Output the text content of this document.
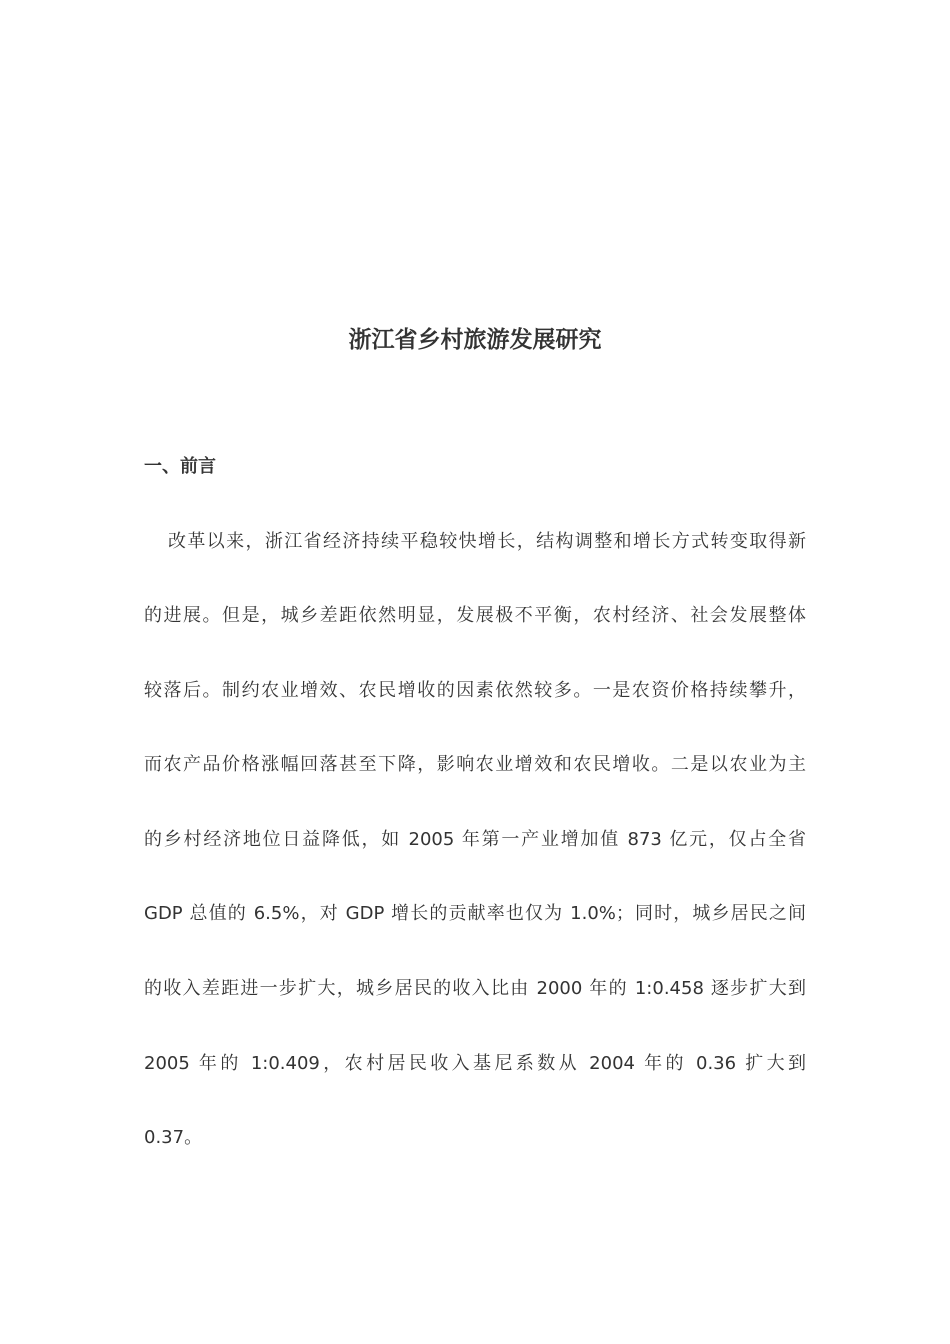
浙江省乡村旅游发展研究
一、前言

改革以来，浙江省经济持续平稳较快增长，结构调整和增长方式转变取得新

的进展。但是，城乡差距依然明显，发展极不平衡，农村经济、社会发展整体

较落后。制约农业增效、农民增收的因素依然较多。一是农资价格持续攀升，

而农产品价格涨幅回落甚至下降，影响农业增效和农民增收。二是以农业为主

的乡村经济地位日益降低，如 2005 年第一产业增加值 873 亿元，仅占全省

GDP 总值的 6.5%，对 GDP 增长的贡献率也仅为 1.0%；同时，城乡居民之间

的收入差距进一步扩大，城乡居民的收入比由 2000 年的 1:0.458 逐步扩大到

2005 年的 1:0.409，农村居民收入基尼系数从 2004 年的 0.36 扩大到

0.37。
